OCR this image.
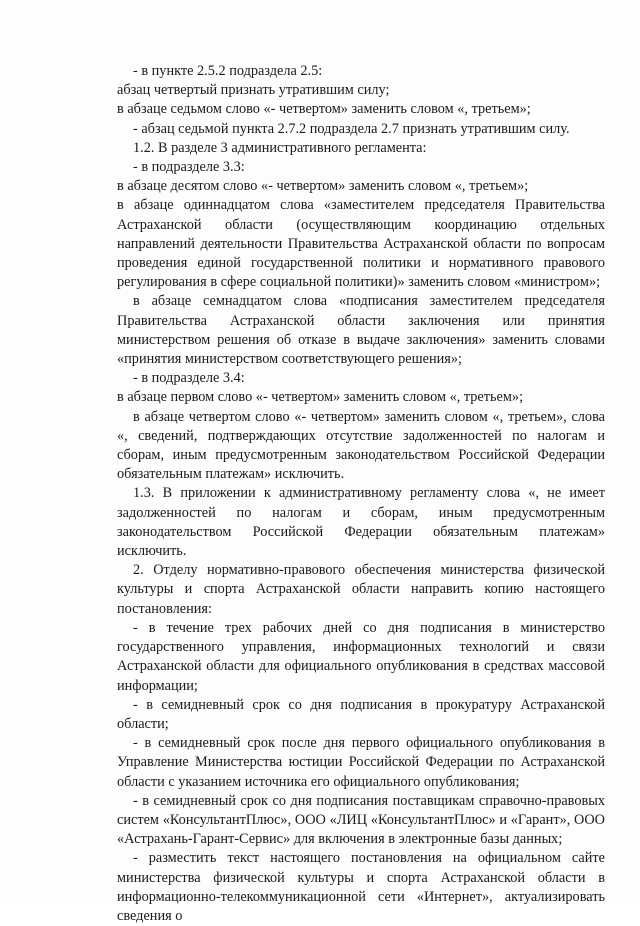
- в пункте 2.5.2 подраздела 2.5:

абзац четвертый признать утратившим силу;

в абзаце седьмом слово «- четвертом» заменить словом «, третьем»;

- абзац седьмой пункта 2.7.2 подраздела 2.7 признать утратившим силу.

1.2. В разделе 3 административного регламента:

- в подразделе 3.3:

в абзаце десятом слово «- четвертом» заменить словом «, третьем»;

в абзаце одиннадцатом слова «заместителем председателя Правительства Астраханской области (осуществляющим координацию отдельных направлений деятельности Правительства Астраханской области по вопросам проведения единой государственной политики и нормативного правового регулирования в сфере социальной политики)» заменить словом «министром»;

в абзаце семнадцатом слова «подписания заместителем председателя Правительства Астраханской области заключения или принятия министерством решения об отказе в выдаче заключения» заменить словами «принятия министерством соответствующего решения»;

- в подразделе 3.4:

в абзаце первом слово «- четвертом» заменить словом «, третьем»;

в абзаце четвертом слово «- четвертом» заменить словом «, третьем», слова «, сведений, подтверждающих отсутствие задолженностей по налогам и сборам, иным предусмотренным законодательством Российской Федерации обязательным платежам» исключить.

1.3. В приложении к административному регламенту слова «, не имеет задолженностей по налогам и сборам, иным предусмотренным законодательством Российской Федерации обязательным платежам» исключить.

2. Отделу нормативно-правового обеспечения министерства физической культуры и спорта Астраханской области направить копию настоящего постановления:

- в течение трех рабочих дней со дня подписания в министерство государственного управления, информационных технологий и связи Астраханской области для официального опубликования в средствах массовой информации;

- в семидневный срок со дня подписания в прокуратуру Астраханской области;

- в семидневный срок после дня первого официального опубликования в Управление Министерства юстиции Российской Федерации по Астраханской области с указанием источника его официального опубликования;

- в семидневный срок со дня подписания поставщикам справочно-правовых систем «КонсультантПлюс», ООО «ЛИЦ «КонсультантПлюс» и «Гарант», ООО «Астрахань-Гарант-Сервис» для включения в электронные базы данных;

- разместить текст настоящего постановления на официальном сайте министерства физической культуры и спорта Астраханской области в информационно-телекоммуникационной сети «Интернет», актуализировать сведения о
